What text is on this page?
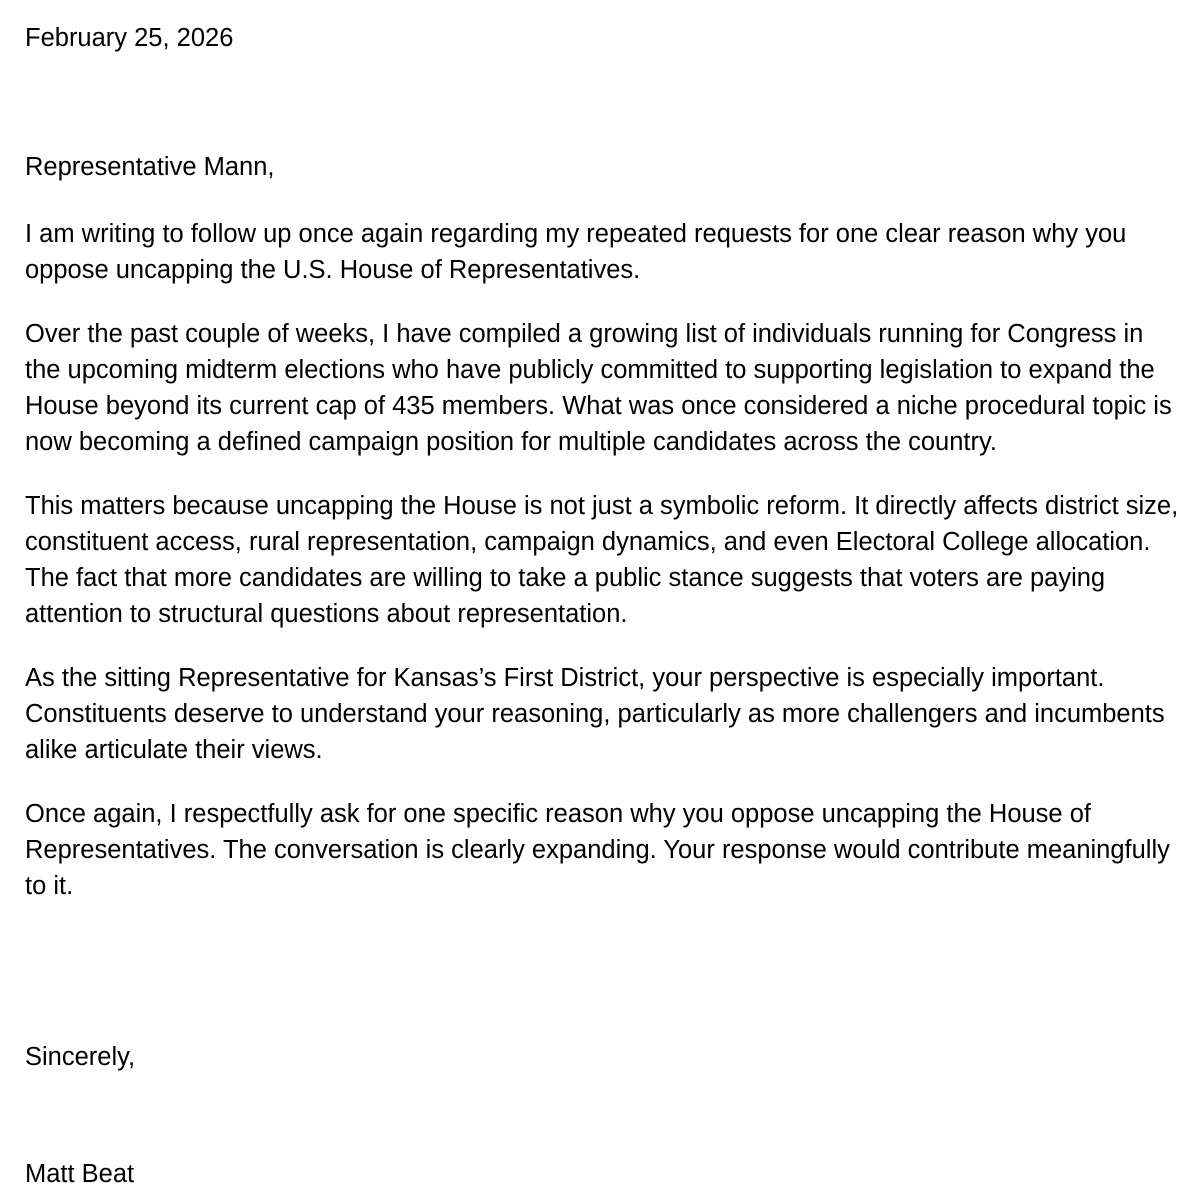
February 25, 2026

Representative Mann,

I am writing to follow up once again regarding my repeated requests for one clear reason why you oppose uncapping the U.S. House of Representatives.

Over the past couple of weeks, I have compiled a growing list of individuals running for Congress in the upcoming midterm elections who have publicly committed to supporting legislation to expand the House beyond its current cap of 435 members. What was once considered a niche procedural topic is now becoming a defined campaign position for multiple candidates across the country.

This matters because uncapping the House is not just a symbolic reform. It directly affects district size, constituent access, rural representation, campaign dynamics, and even Electoral College allocation. The fact that more candidates are willing to take a public stance suggests that voters are paying attention to structural questions about representation.

As the sitting Representative for Kansas’s First District, your perspective is especially important. Constituents deserve to understand your reasoning, particularly as more challengers and incumbents alike articulate their views.

Once again, I respectfully ask for one specific reason why you oppose uncapping the House of Representatives. The conversation is clearly expanding. Your response would contribute meaningfully to it.

Sincerely,

Matt Beat
